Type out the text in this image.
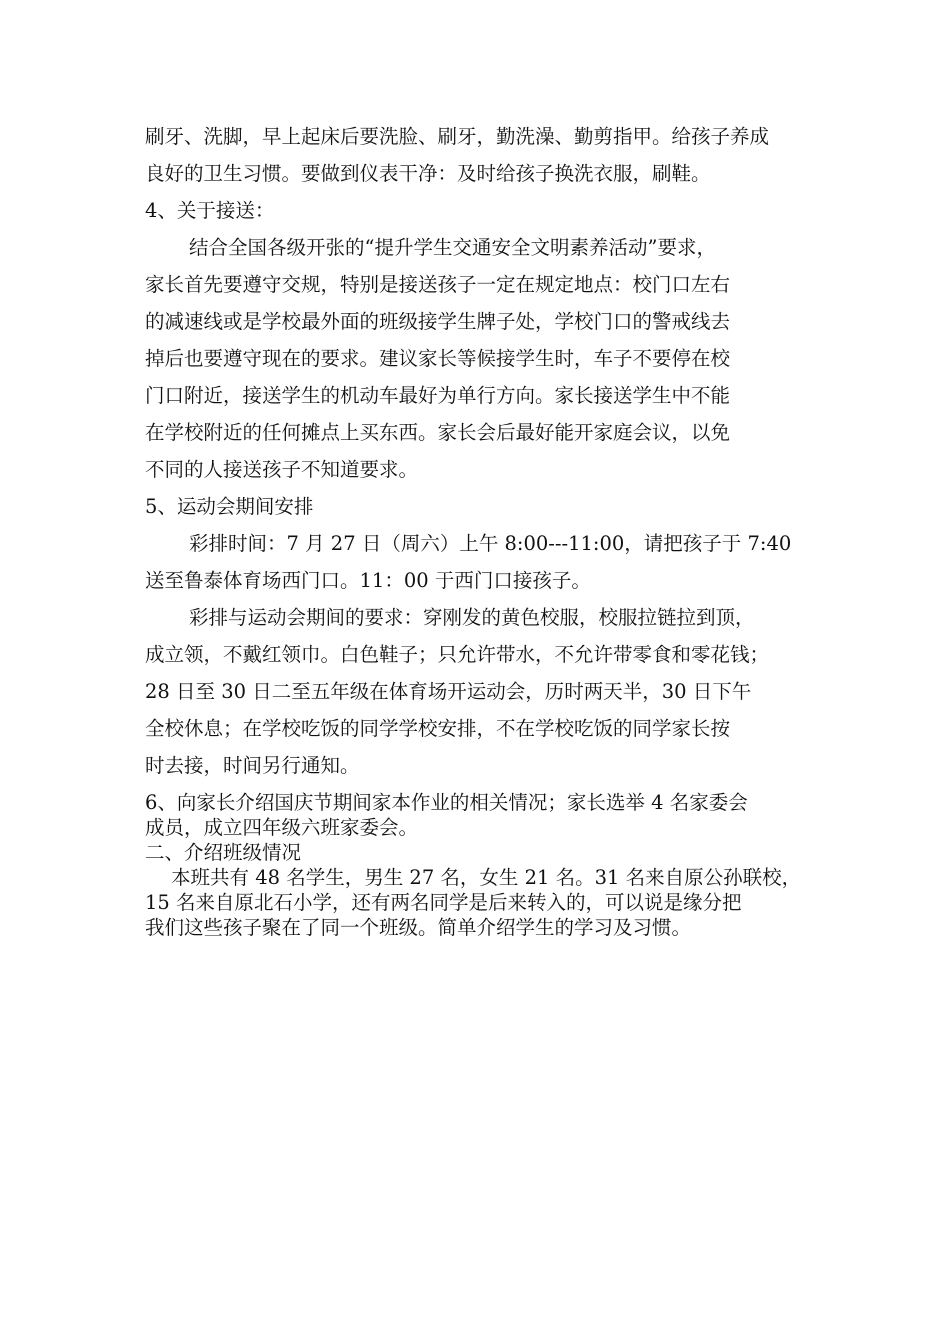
刷牙、洗脚，早上起床后要洗脸、刷牙，勤洗澡、勤剪指甲。给孩子养成
良好的卫生习惯。要做到仪表干净：及时给孩子换洗衣服，刷鞋。
4、关于接送：
结合全国各级开张的“提升学生交通安全文明素养活动”要求，
家长首先要遵守交规，特别是接送孩子一定在规定地点：校门口左右
的减速线或是学校最外面的班级接学生牌子处，学校门口的警戒线去
掉后也要遵守现在的要求。建议家长等候接学生时，车子不要停在校
门口附近，接送学生的机动车最好为单行方向。家长接送学生中不能
在学校附近的任何摊点上买东西。家长会后最好能开家庭会议，以免
不同的人接送孩子不知道要求。
5、运动会期间安排
彩排时间：7 月 27 日（周六）上午 8:00---11:00，请把孩子于 7:40
送至鲁泰体育场西门口。11：00 于西门口接孩子。
彩排与运动会期间的要求：穿刚发的黄色校服，校服拉链拉到顶，
成立领，不戴红领巾。白色鞋子；只允许带水，不允许带零食和零花钱；
28 日至 30 日二至五年级在体育场开运动会，历时两天半，30 日下午
全校休息；在学校吃饭的同学学校安排，不在学校吃饭的同学家长按
时去接，时间另行通知。
6、向家长介绍国庆节期间家本作业的相关情况；家长选举 4 名家委会
成员，成立四年级六班家委会。
二、介绍班级情况
本班共有 48 名学生，男生 27 名，女生 21 名。31 名来自原公孙联校，
15 名来自原北石小学，还有两名同学是后来转入的，可以说是缘分把
我们这些孩子聚在了同一个班级。简单介绍学生的学习及习惯。
